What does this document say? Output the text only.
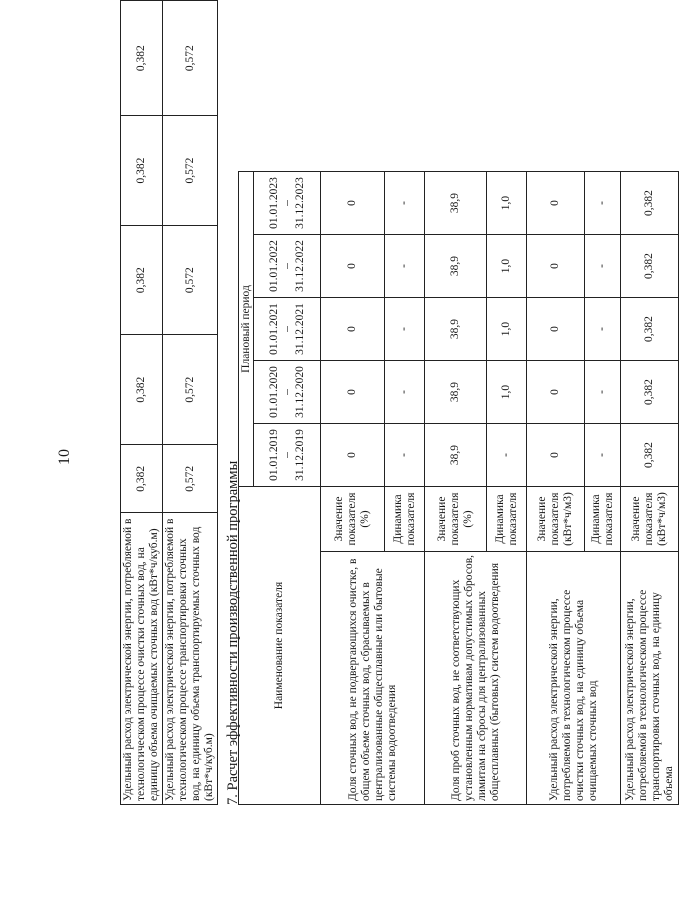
10
Удельный расход электрической энергии, потребляемой в технологическом процессе очистки сточных вод, на единицу объема очищаемых сточных вод (кВт*ч/куб.м)	0,382	0,382	0,382	0,382	0,382
Удельный расход электрической энергии, потребляемой в технологическом процессе транспортировки сточных вод, на единицу объема транспортируемых сточных вод (кВт*ч/куб.м)	0,572	0,572	0,572	0,572	0,572
7. Расчет эффективности производственной программы	Наименование показателя		Плановый период				

		01.01.2019 – 31.12.2019	01.01.2020 – 31.12.2020	01.01.2021 – 31.12.2021	01.01.2022 – 31.12.2022	01.01.2023 – 31.12.2023

Доля сточных вод, не подвергающихся очистке, в общем объеме сточных вод, сбрасываемых в централизованные общесплавные или бытовые системы водоотведения	Значение показателя (%)	0	0	0	0	0
	Динамика показателя	-	-	-	-	-
Доля проб сточных вод, не соответствующих установленным нормативам допустимых сбросов, лимитам на сбросы для централизованных общесплавных (бытовых) систем водоотведения	Значение показателя (%)	38,9	38,9	38,9	38,9	38,9
	Динамика показателя	-	1,0	1,0	1,0	1,0
Удельный расход электрической энергии, потребляемой в технологическом процессе очистки сточных вод, на единицу объема очищаемых сточных вод	Значение показателя (кВт*ч/м3)	0	0	0	0	0
	Динамика показателя	-	-	-	-	-
Удельный расход электрической энергии, потребляемой в технологическом процессе транспортировки сточных вод, на единицу объема	Значение показателя (кВт*ч/м3)	0,382	0,382	0,382	0,382	0,382
